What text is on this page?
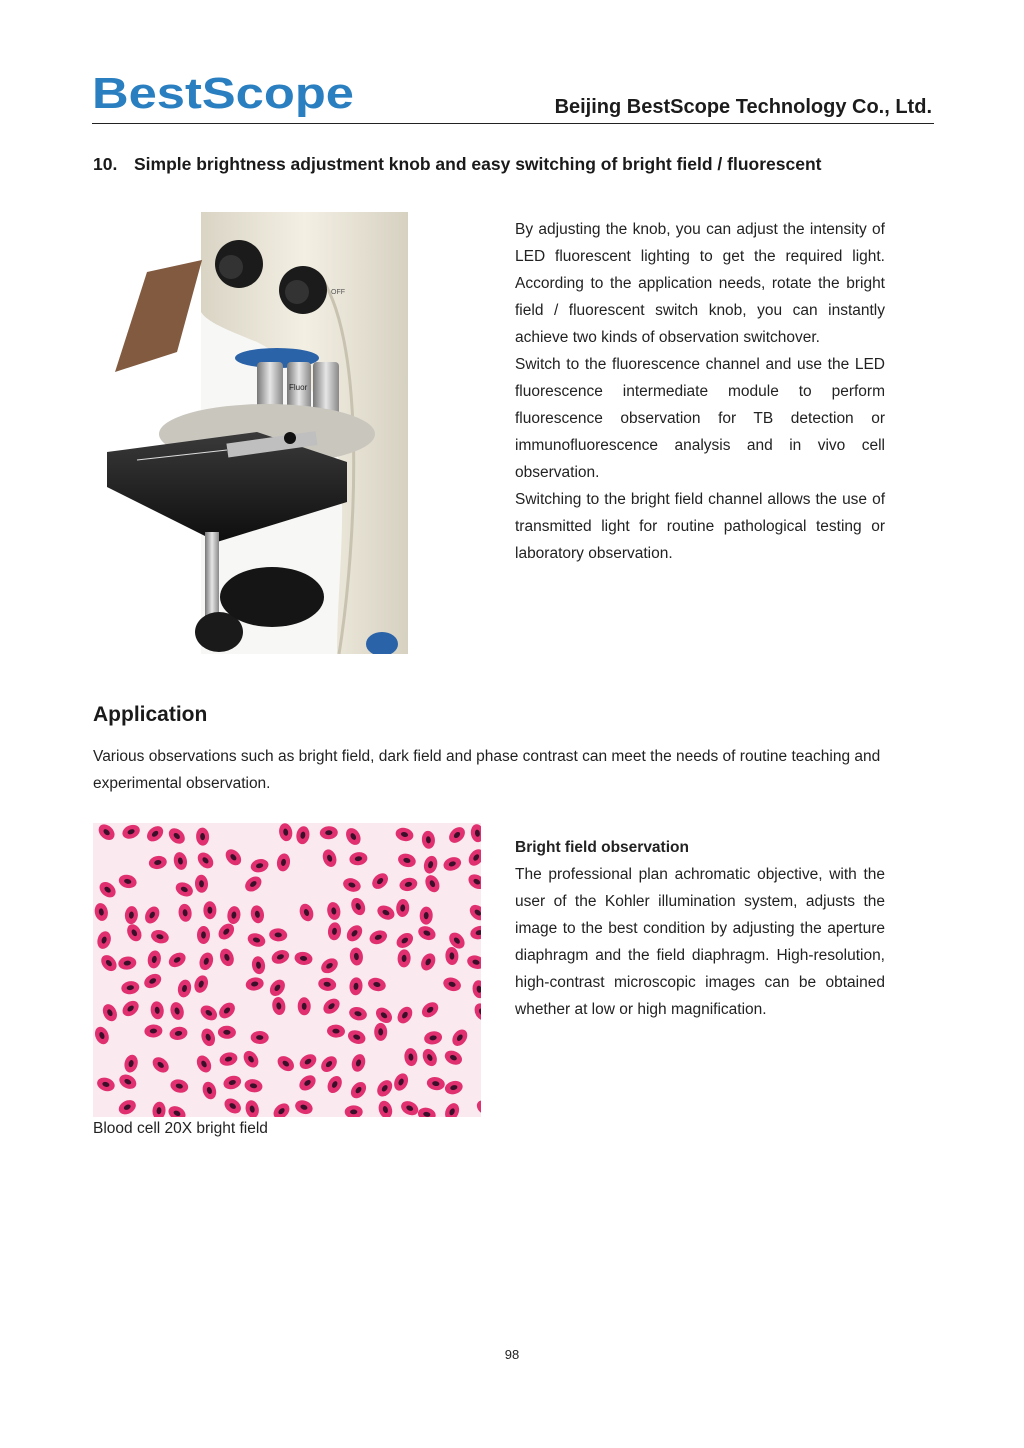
BestScope	Beijing BestScope Technology Co., Ltd.
10. Simple brightness adjustment knob and easy switching of bright field / fluorescent
OFF
Fluor

By adjusting the knob, you can adjust the intensity of LED fluorescent lighting to get the required light. According to the application needs, rotate the bright field / fluorescent switch knob, you can instantly achieve two kinds of observation switchover.

Switch to the fluorescence channel and use the LED fluorescence intermediate module to perform fluorescence observation for TB detection or immunofluorescence analysis and in vivo cell observation.

Switching to the bright field channel allows the use of transmitted light for routine pathological testing or laboratory observation.

Application
Various observations such as bright field, dark field and phase contrast can meet the needs of routine teaching and experimental observation.
Blood cell 20X bright field

Bright field observation

The professional plan achromatic objective, with the user of the Kohler illumination system, adjusts the image to the best condition by adjusting the aperture diaphragm and the field diaphragm. High-resolution, high-contrast microscopic images can be obtained whether at low or high magnification.

98
